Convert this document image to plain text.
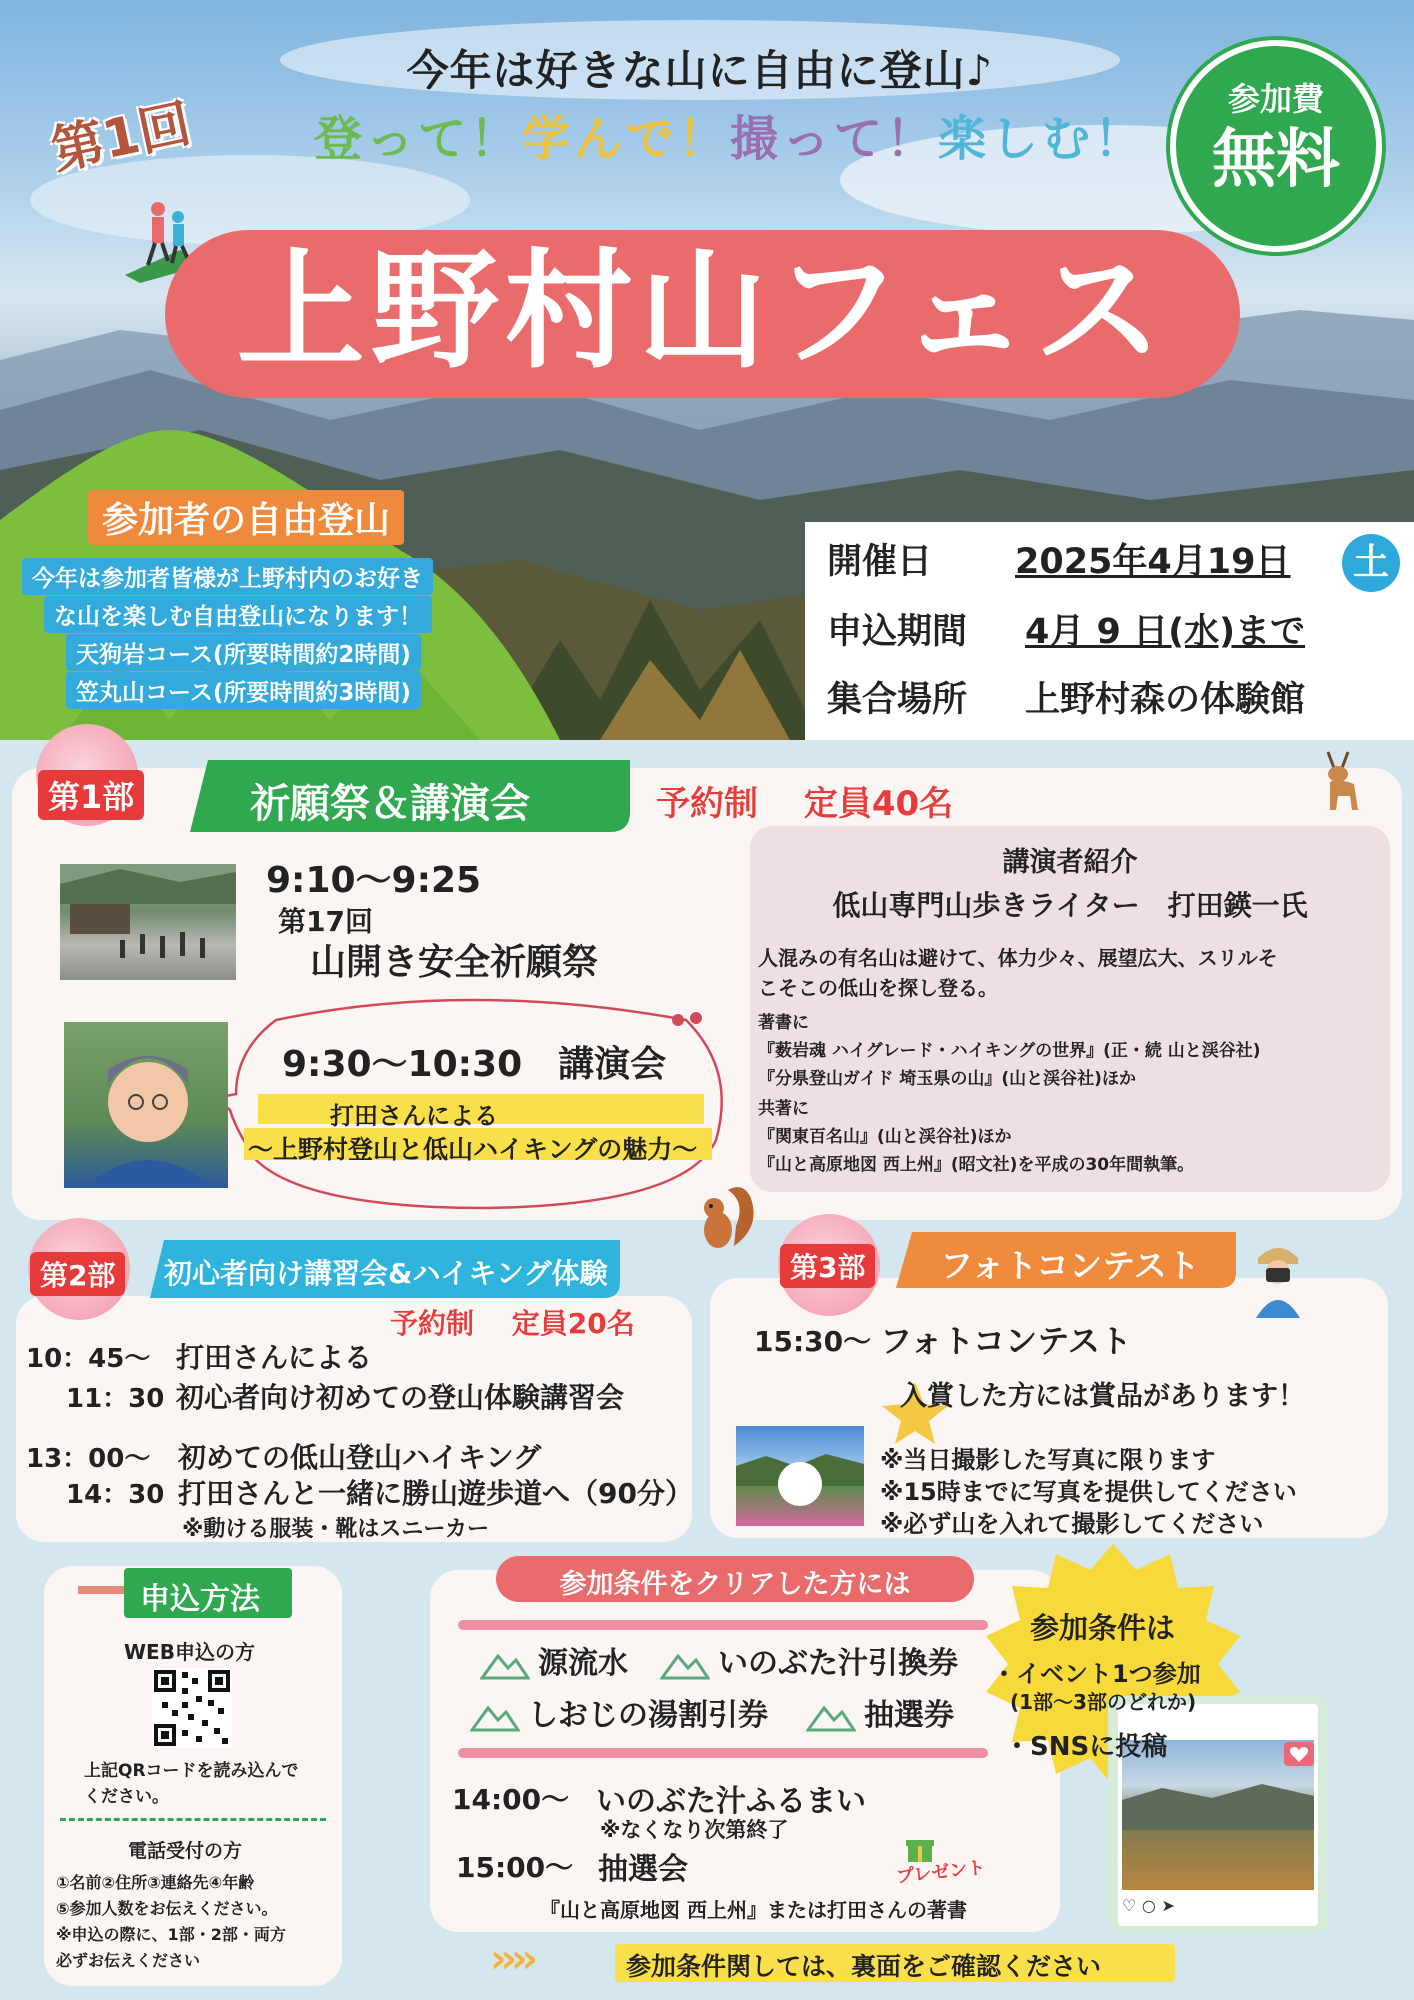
今年は好きな山に自由に登山♪
登って！学んで！撮って！楽しむ！
第1回	参加費
無料
上野村山フェス
参加者の自由登山
今年は参加者皆様が上野村内のお好き
な山を楽しむ自由登山になります！
天狗岩コース(所要時間約2時間)
笠丸山コース(所要時間約3時間)
開催日 2025年4月19日
申込期間 4月 9 日(水)まで
集合場所 上野村森の体験館
土
第1部	祈願祭＆講演会	予約制　 定員40名
9:10〜9:25
第17回
山開き安全祈願祭
9:30〜10:30　講演会
打田さんによる
〜上野村登山と低山ハイキングの魅力〜
講演者紹介
低山専門山歩きライター　打田鍈一氏
人混みの有名山は避けて、体力少々、展望広大、スリルそ
こそこの低山を探し登る。
著書に
『薮岩魂 ハイグレード・ハイキングの世界』(正・続 山と渓谷社)
『分県登山ガイド 埼玉県の山』(山と渓谷社)ほか
共著に
『関東百名山』(山と渓谷社)ほか
『山と高原地図 西上州』(昭文社)を平成の30年間執筆。
第2部	初心者向け講習会&ハイキング体験
予約制　 定員20名
10：45〜 打田さんによる
11：30 初心者向け初めての登山体験講習会
13：00〜 初めての低山登山ハイキング
14：30 打田さんと一緒に勝山遊歩道へ（90分）
※動ける服装・靴はスニーカー
第3部	フォトコンテスト
15:30〜 フォトコンテスト
入賞した方には賞品があります！
※当日撮影した写真に限ります
※15時までに写真を提供してください
※必ず山を入れて撮影してください
申込方法
WEB申込の方
上記QRコードを読み込んで
ください。
電話受付の方
①名前②住所③連絡先④年齢
⑤参加人数をお伝えください。
※申込の際に、1部・2部・両方
必ずお伝えください
参加条件をクリアした方には
源流水	いのぶた汁引換券
しおじの湯割引券	抽選券
14:00〜 いのぶた汁ふるまい
※なくなり次第終了
15:00〜 抽選会	プレゼント
『山と高原地図 西上州』または打田さんの著書	♡ ○ ➤
参加条件は
・イベント1つ参加
(1部〜3部のどれか)
・SNSに投稿
››››	参加条件関しては、裏面をご確認ください
